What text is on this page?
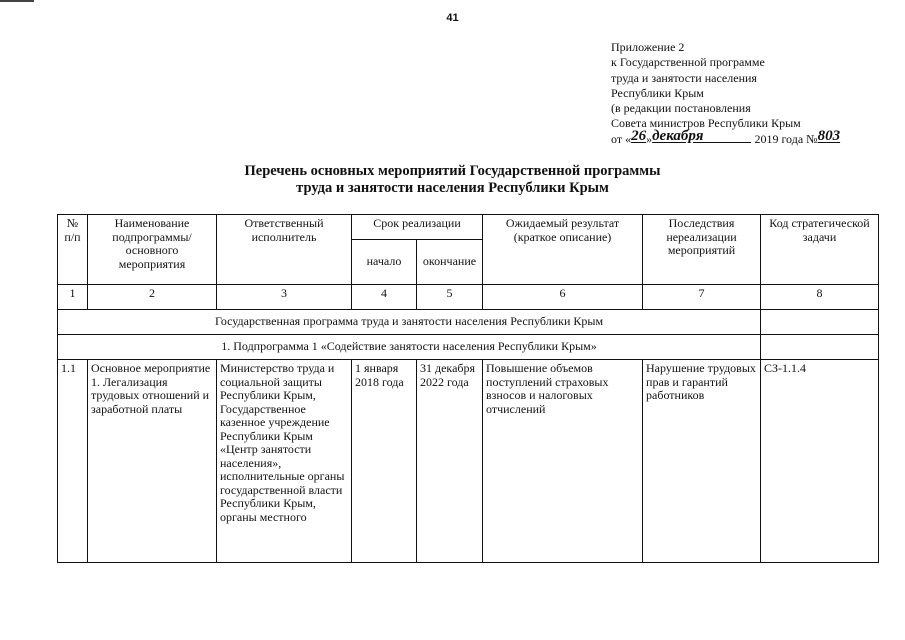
41
Приложение 2
к Государственной программе
труда и занятости населения
Республики Крым
(в редакции постановления
Совета министров Республики Крым
от «26»декабря	2019 года №803
Перечень основных мероприятий Государственной программы
труда и занятости населения Республики Крым
№ п/п	Наименование подпрограммы/ основного мероприятия	Ответственный исполнитель	Срок реализации		Ожидаемый результат (краткое описание)	Последствия нереализации мероприятий	Код стратегической задачи
			начало	окончание			
1	2	3	4	5	6	7	8
Государственная программа труда и занятости населения Республики Крым							
1. Подпрограмма 1 «Содействие занятости населения Республики Крым»							
1.1	Основное мероприятие 1. Легализация трудовых отношений и заработной платы	Министерство труда и социальной защиты Республики Крым, Государственное казенное учреждение Республики Крым «Центр занятости населения», исполнительные органы государственной власти Республики Крым, органы местного	1 января 2018 года	31 декабря 2022 года	Повышение объемов поступлений страховых взносов и налоговых отчислений	Нарушение трудовых прав и гарантий работников	СЗ-1.1.4
